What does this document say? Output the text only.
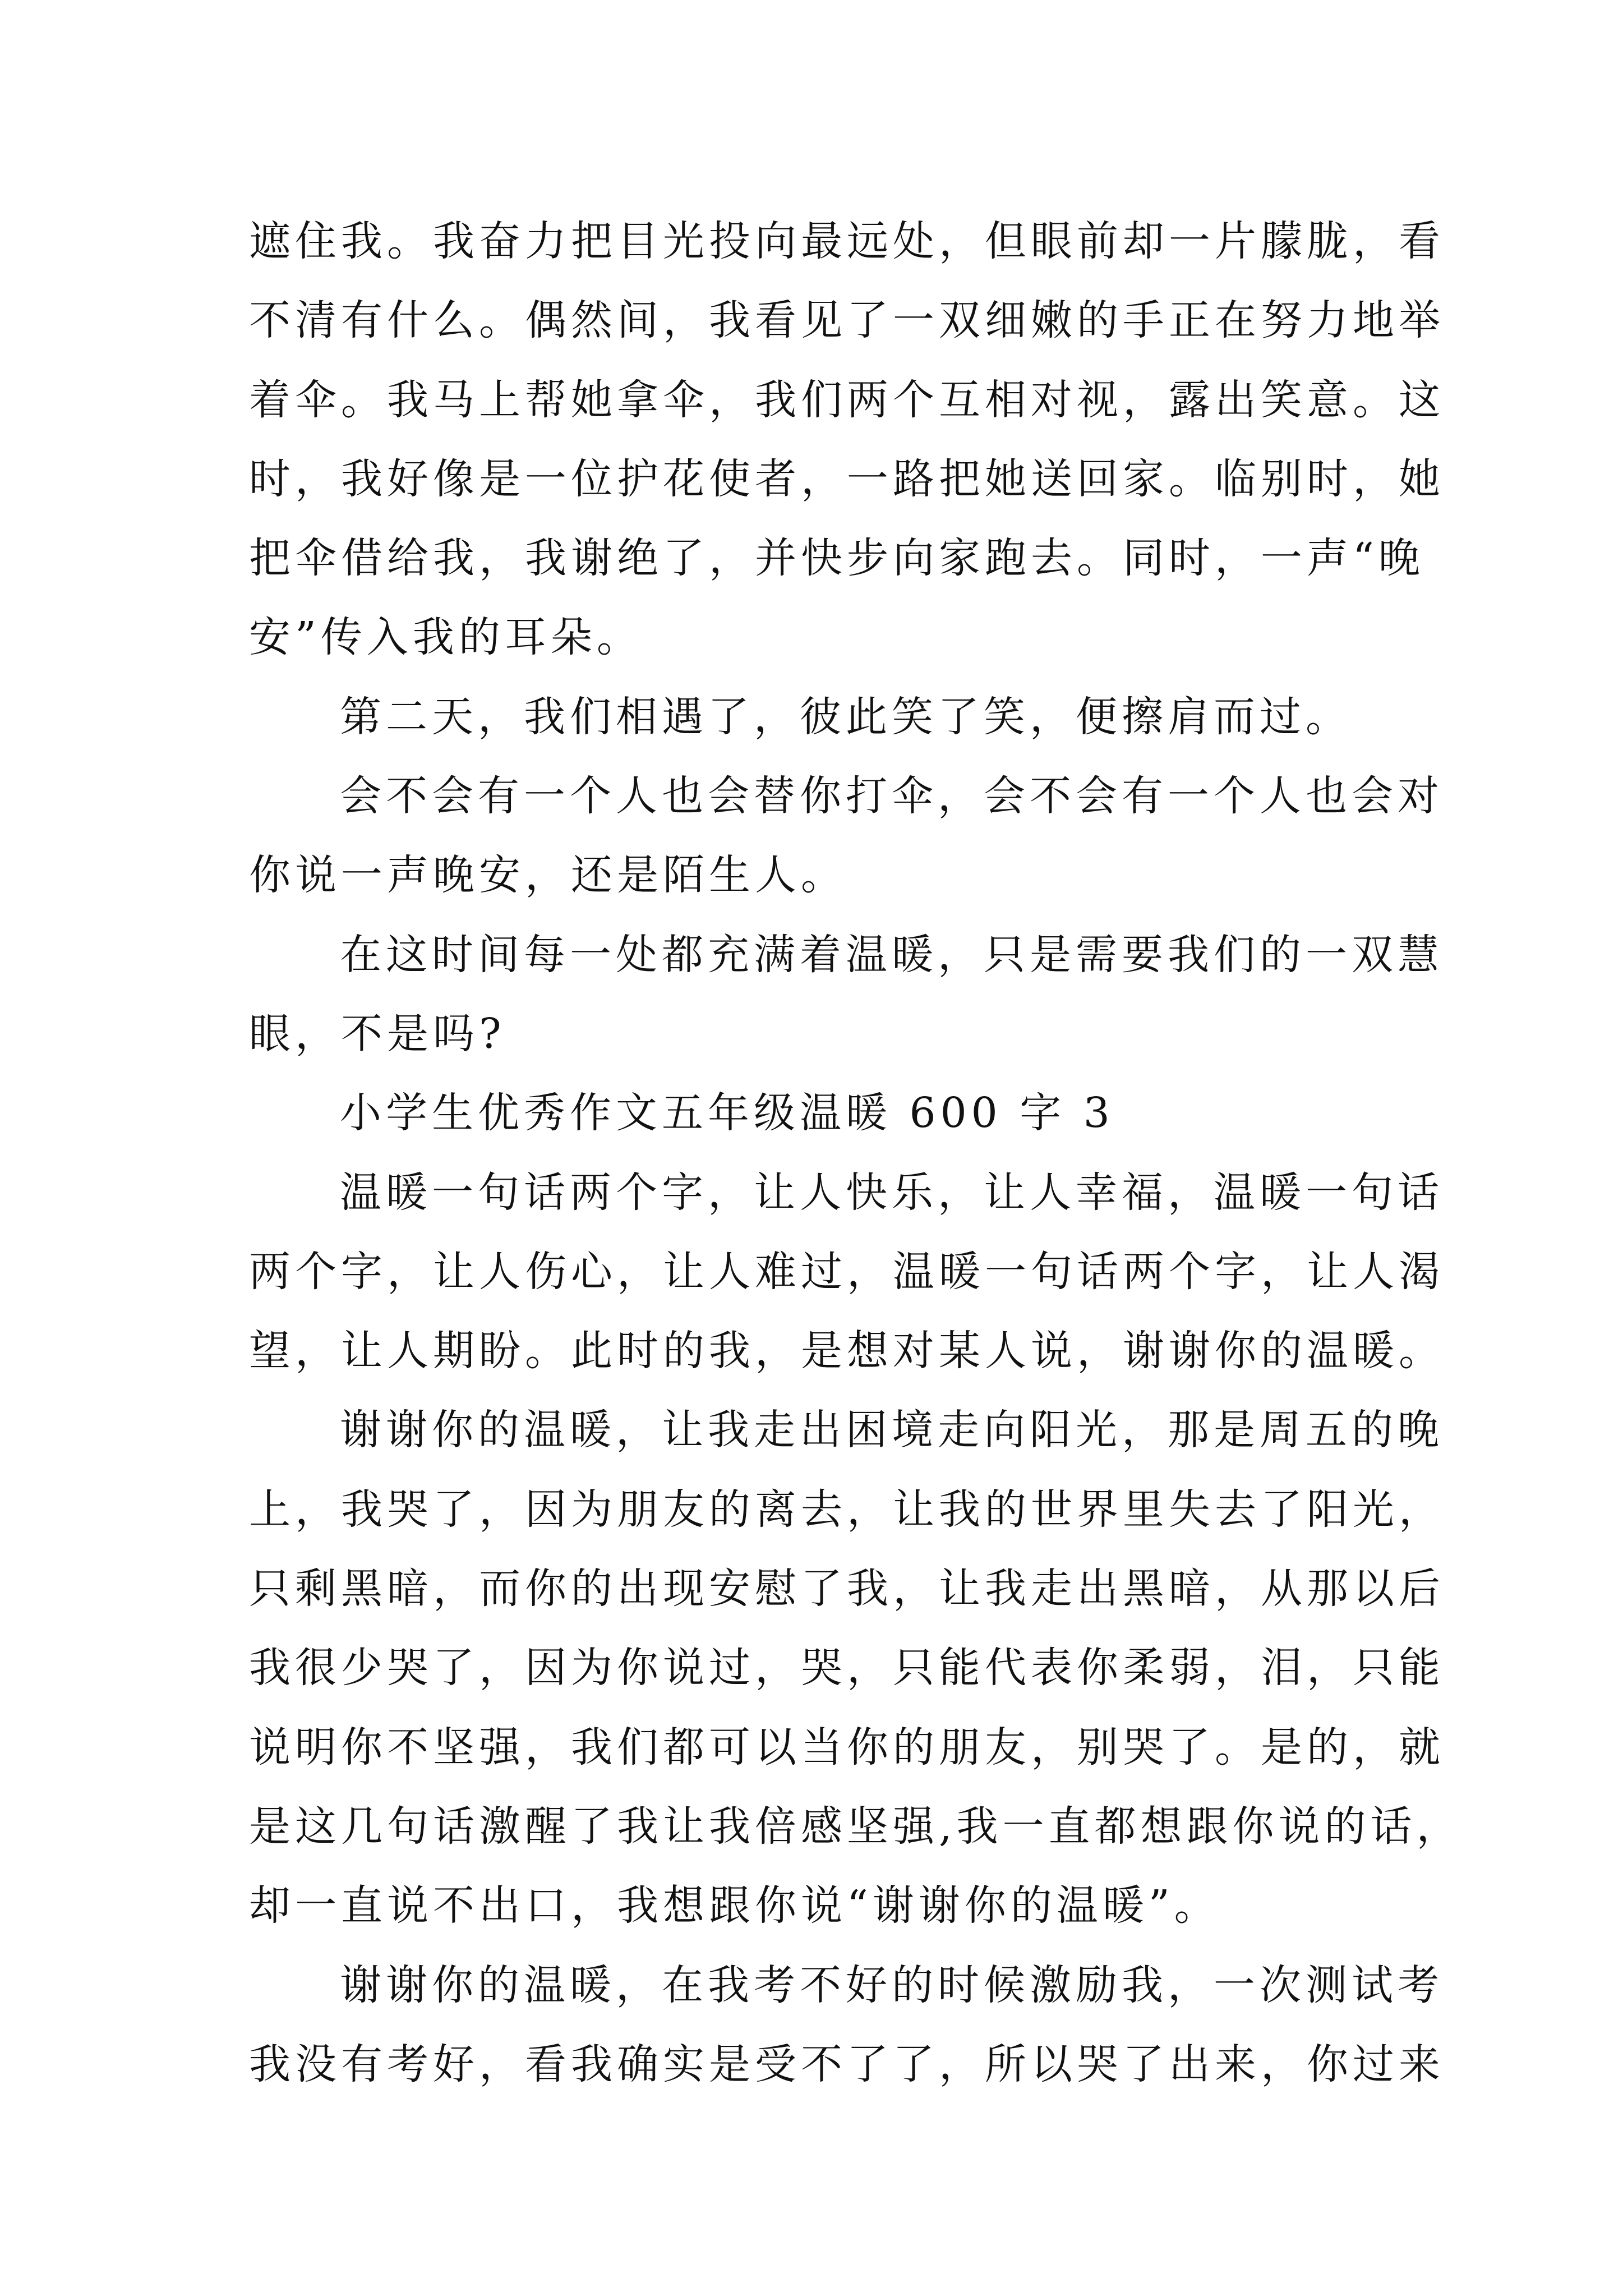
遮住我。我奋力把目光投向最远处，但眼前却一片朦胧，看
不清有什么。偶然间，我看见了一双细嫩的手正在努力地举
着伞。我马上帮她拿伞，我们两个互相对视，露出笑意。这
时，我好像是一位护花使者，一路把她送回家。临别时，她
把伞借给我，我谢绝了，并快步向家跑去。同时，一声“晚
安”传入我的耳朵。
第二天，我们相遇了，彼此笑了笑，便擦肩而过。
会不会有一个人也会替你打伞，会不会有一个人也会对
你说一声晚安，还是陌生人。
在这时间每一处都充满着温暖，只是需要我们的一双慧
眼，不是吗?
小学生优秀作文五年级温暖 600 字 3
温暖一句话两个字，让人快乐，让人幸福，温暖一句话
两个字，让人伤心，让人难过，温暖一句话两个字，让人渴
望，让人期盼。此时的我，是想对某人说，谢谢你的温暖。
谢谢你的温暖，让我走出困境走向阳光，那是周五的晚
上，我哭了，因为朋友的离去，让我的世界里失去了阳光，
只剩黑暗，而你的出现安慰了我，让我走出黑暗，从那以后
我很少哭了，因为你说过，哭，只能代表你柔弱，泪，只能
说明你不坚强，我们都可以当你的朋友，别哭了。是的，就
是这几句话激醒了我让我倍感坚强,我一直都想跟你说的话，
却一直说不出口，我想跟你说“谢谢你的温暖”。
谢谢你的温暖，在我考不好的时候激励我，一次测试考
我没有考好，看我确实是受不了了，所以哭了出来，你过来
